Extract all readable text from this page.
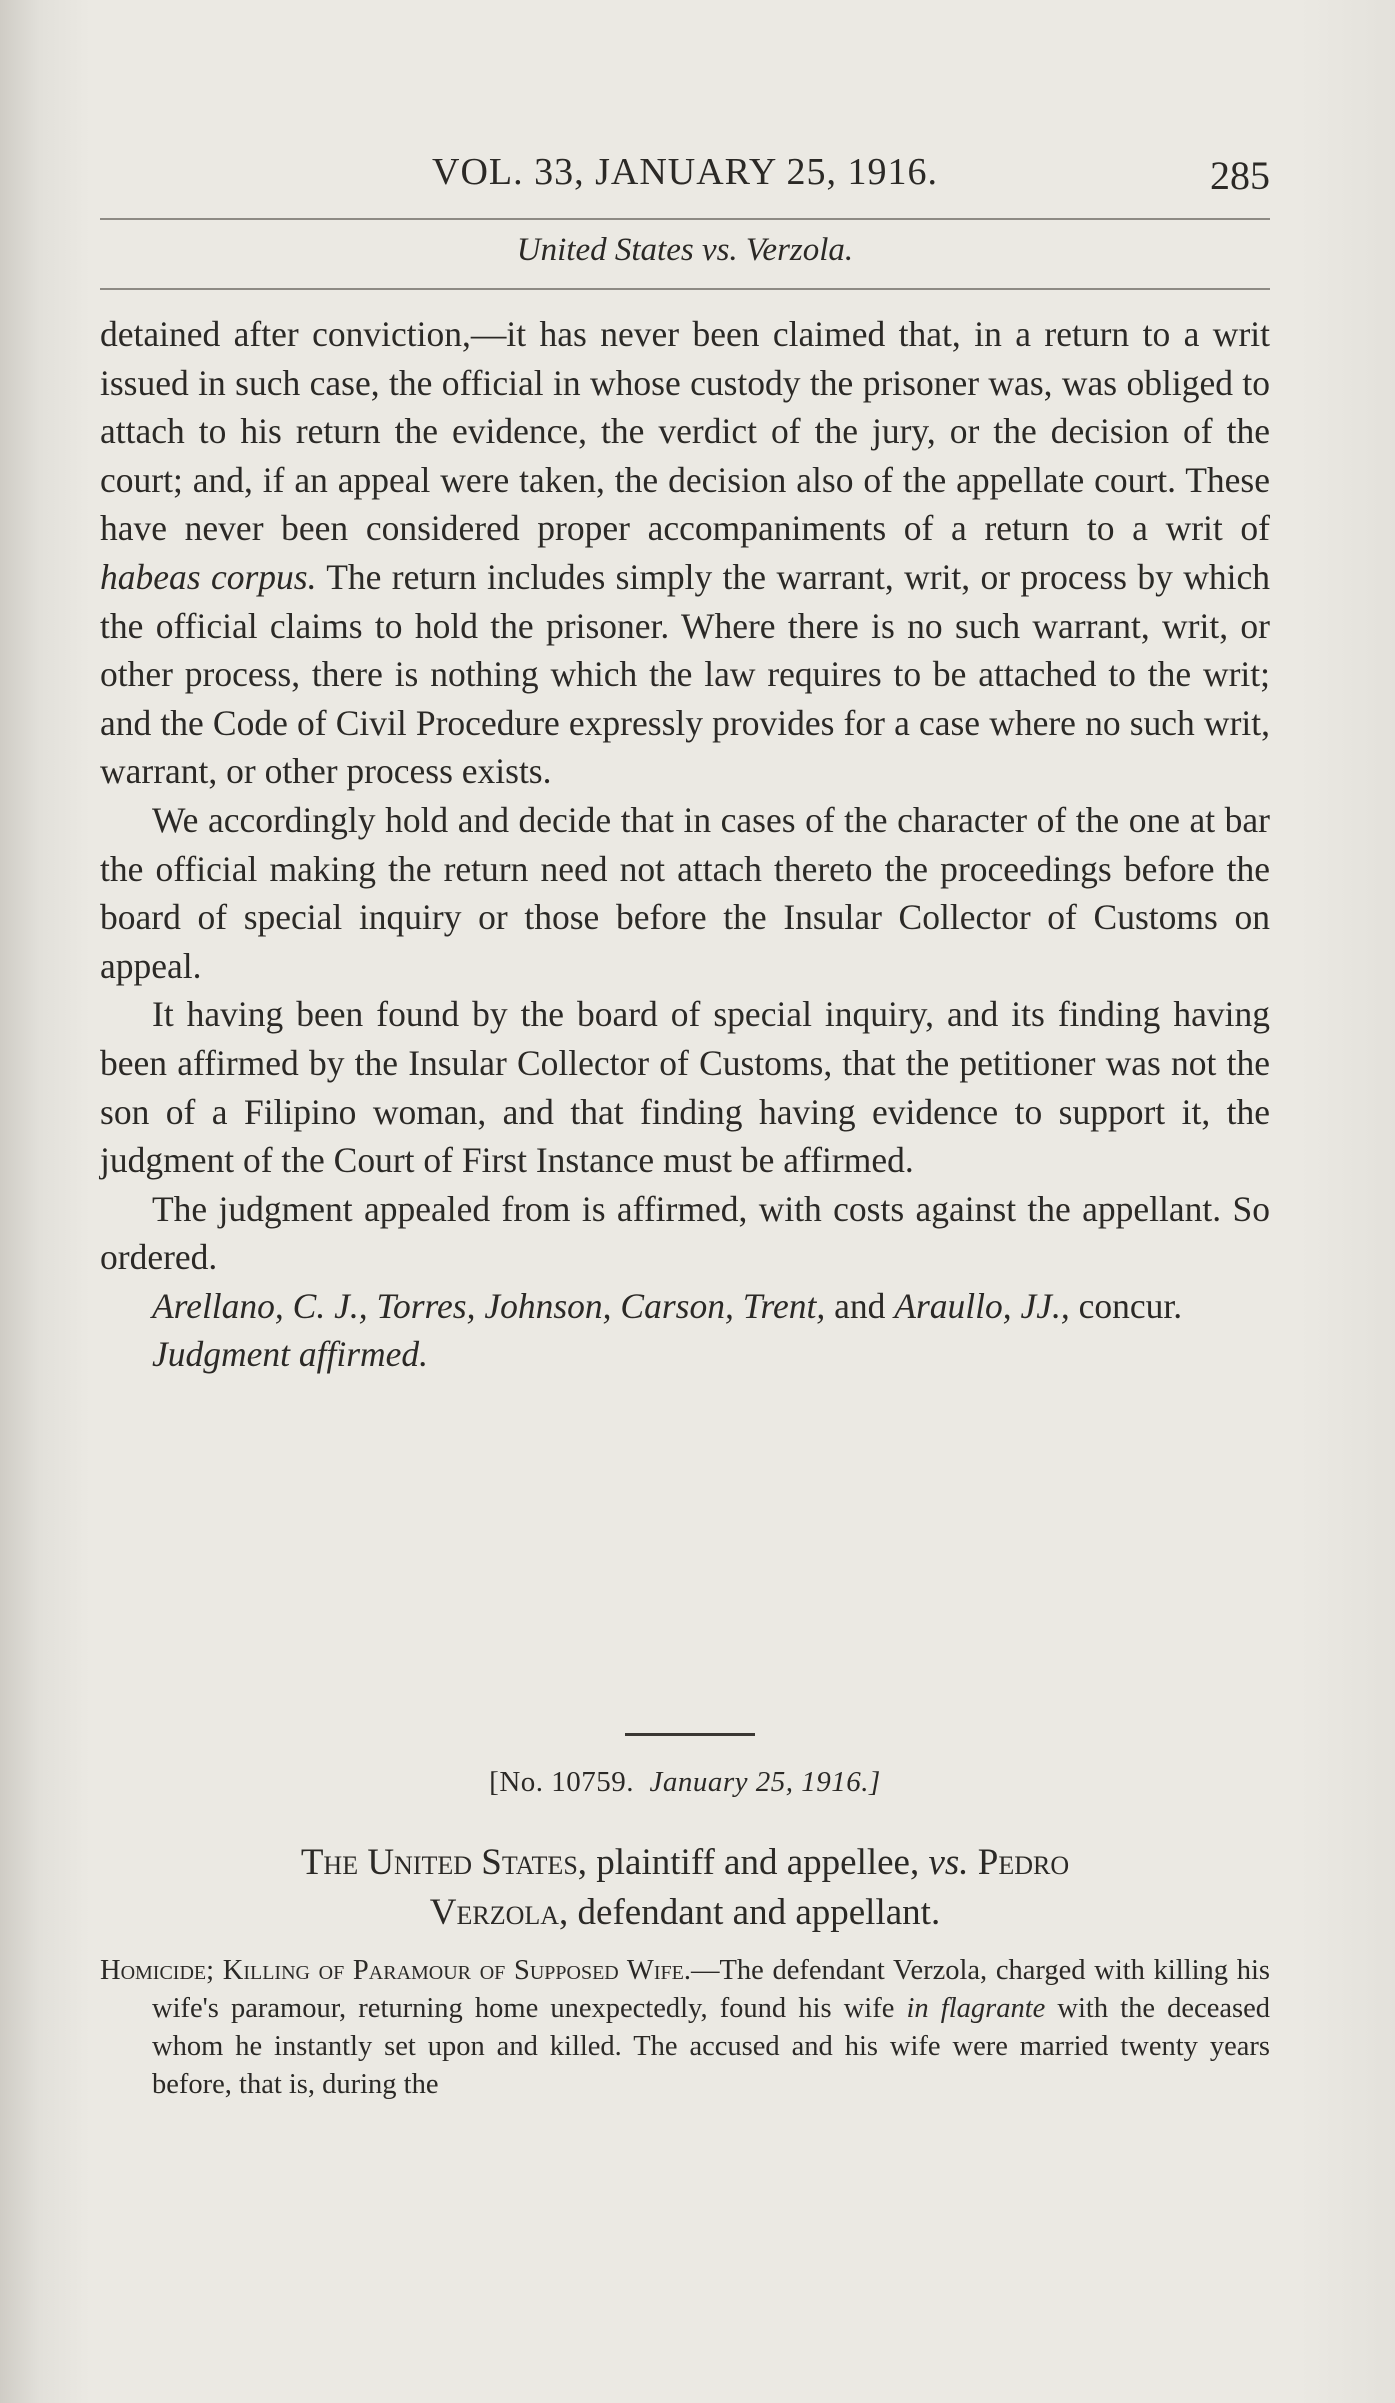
VOL. 33, JANUARY 25, 1916.	285
United States vs. Verzola.

detained after conviction,—it has never been claimed that, in a return to a writ issued in such case, the official in whose custody the prisoner was, was obliged to attach to his return the evidence, the verdict of the jury, or the decision of the court; and, if an appeal were taken, the decision also of the appellate court. These have never been considered proper accompaniments of a return to a writ of habeas corpus. The return includes simply the warrant, writ, or process by which the official claims to hold the prisoner. Where there is no such warrant, writ, or other process, there is nothing which the law requires to be attached to the writ; and the Code of Civil Procedure expressly provides for a case where no such writ, warrant, or other process exists.

We accordingly hold and decide that in cases of the character of the one at bar the official making the return need not attach thereto the proceedings before the board of special inquiry or those before the Insular Collector of Customs on appeal.

It having been found by the board of special inquiry, and its finding having been affirmed by the Insular Collector of Customs, that the petitioner was not the son of a Filipino woman, and that finding having evidence to support it, the judgment of the Court of First Instance must be affirmed.

The judgment appealed from is affirmed, with costs against the appellant. So ordered.

Arellano, C. J., Torres, Johnson, Carson, Trent, and Araullo, JJ., concur.

Judgment affirmed.

[No. 10759. January 25, 1916.]
The United States, plaintiff and appellee, vs. Pedro
Verzola, defendant and appellant.

Homicide; Killing of Paramour of Supposed Wife.—The defendant Verzola, charged with killing his wife's paramour, returning home unexpectedly, found his wife in flagrante with the deceased whom he instantly set upon and killed. The accused and his wife were married twenty years before, that is, during the
